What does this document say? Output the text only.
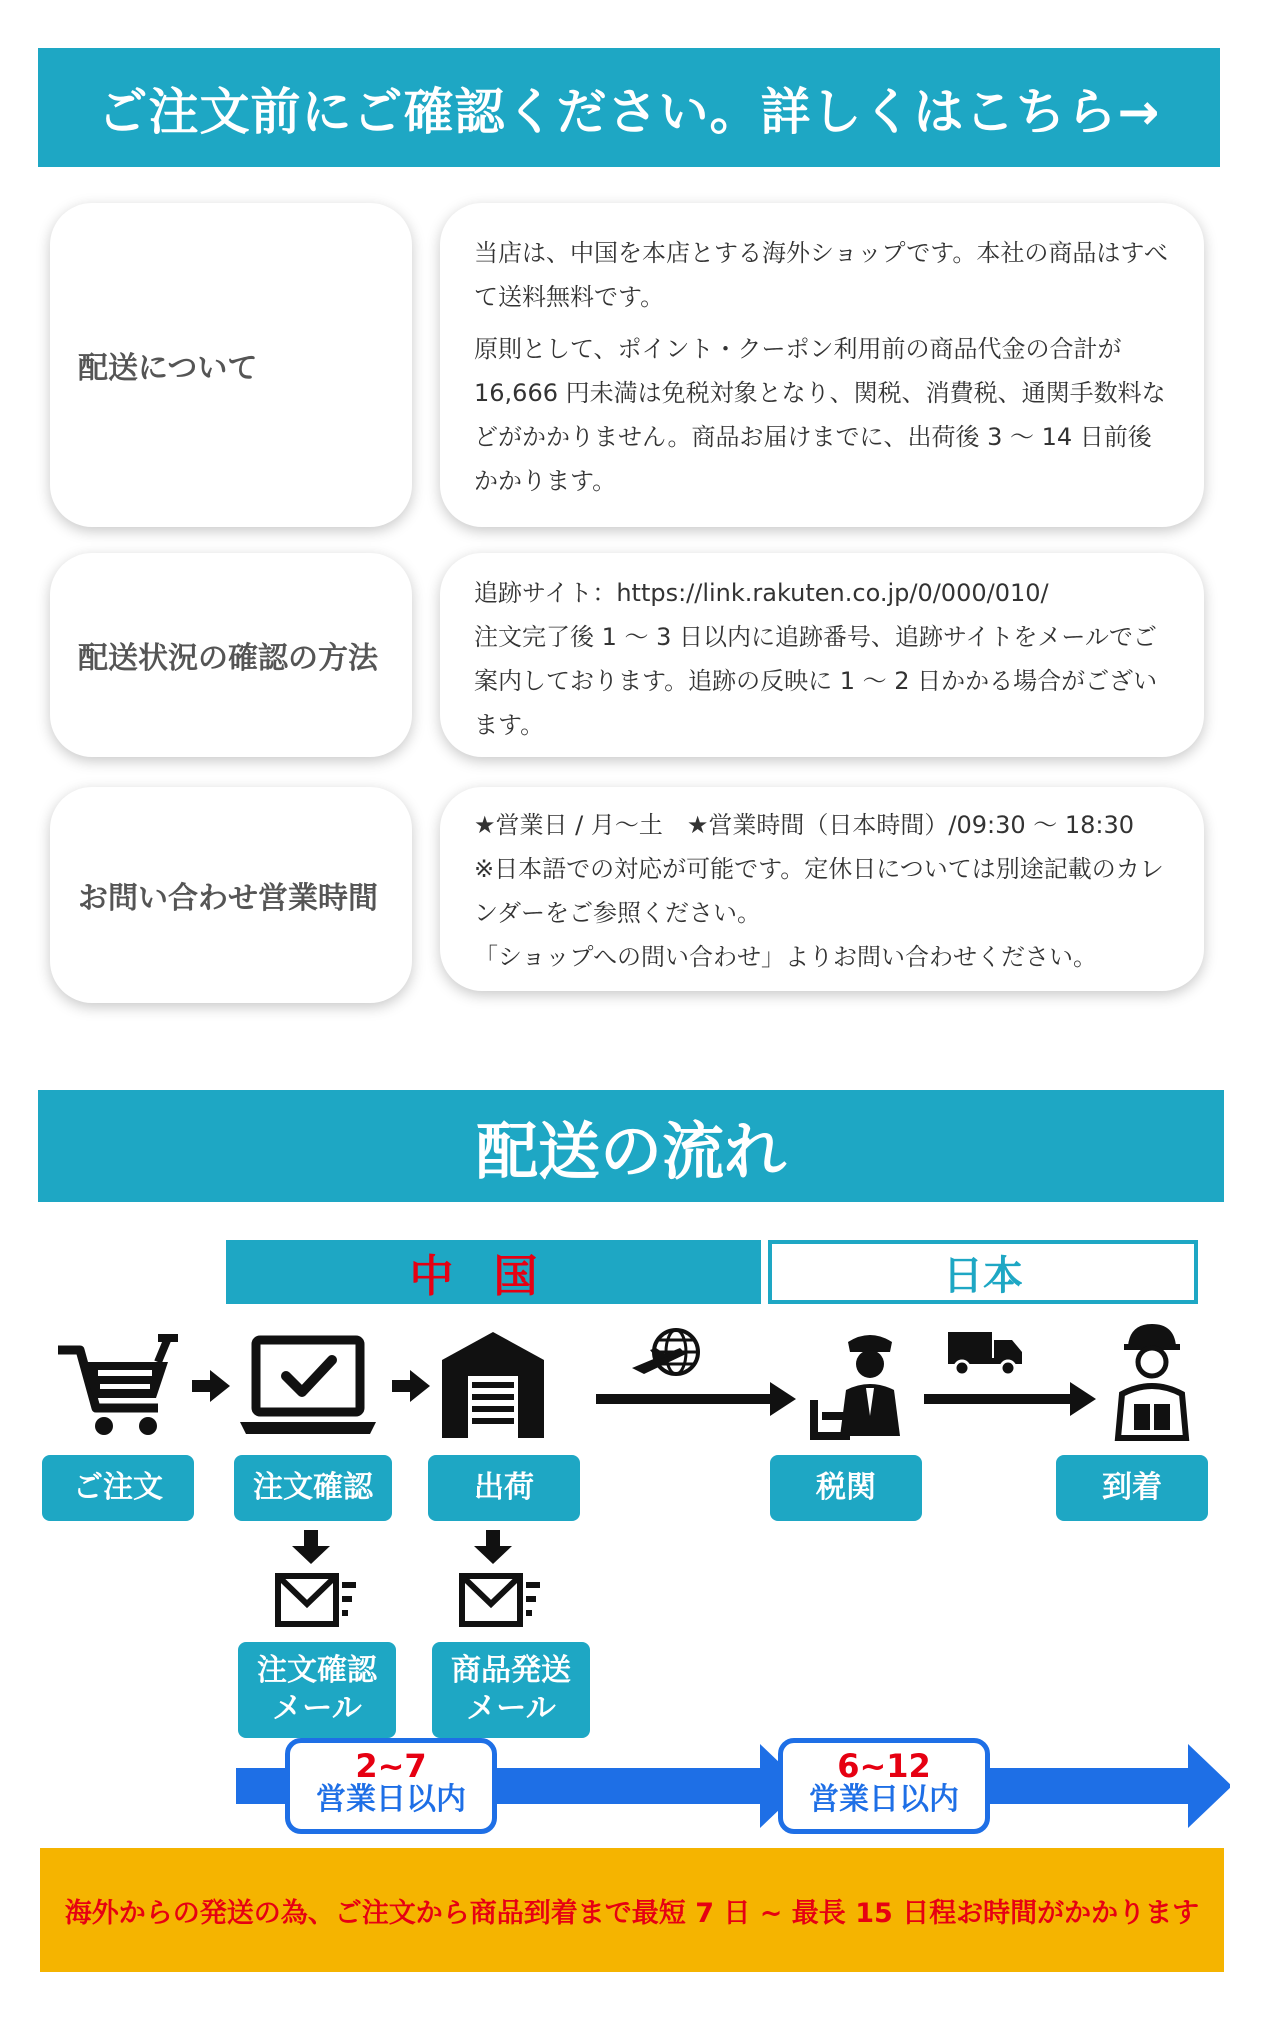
ご注文前にご確認ください。詳しくはこちら→
配送について

当店は、中国を本店とする海外ショップです。本社の商品はすべて送料無料です。

原則として、ポイント・クーポン利用前の商品代金の合計が16,666 円未満は免税対象となり、関税、消費税、通関手数料などがかかりません。商品お届けまでに、出荷後 3 ～ 14 日前後かかります。

配送状況の確認の方法

追跡サイト：https://link.rakuten.co.jp/0/000/010/

注文完了後 1 ～ 3 日以内に追跡番号、追跡サイトをメールでご案内しております。追跡の反映に 1 ～ 2 日かかる場合がございます。

お問い合わせ営業時間

★営業日 / 月～土　★営業時間（日本時間）/09:30 ～ 18:30

※日本語での対応が可能です。定休日については別途記載のカレンダーをご参照ください。

「ショップへの問い合わせ」よりお問い合わせください。

配送の流れ
中国	日本
ご注文	注文確認	出荷	税関	到着
注文確認
メール
商品発送
メール
2~7
営業日以内
6~12
営業日以内
海外からの発送の為、ご注文から商品到着まで最短 7 日 ~ 最長 15 日程お時間がかかります
